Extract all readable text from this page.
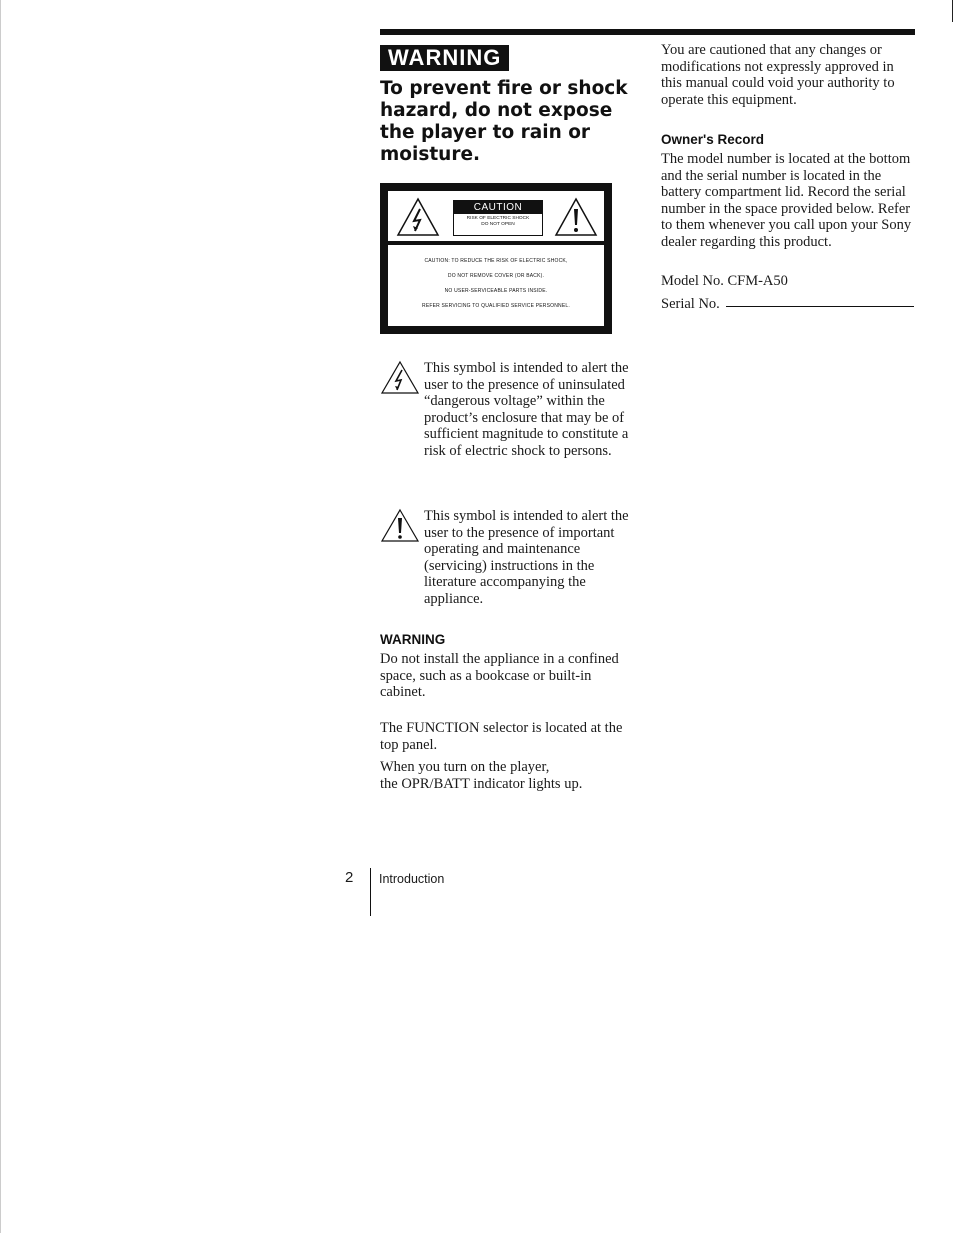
WARNING
To prevent fire or shock hazard, do not expose the player to rain or moisture.
CAUTION
RISK OF ELECTRIC SHOCK
DO NOT OPEN
CAUTION: TO REDUCE THE RISK OF ELECTRIC SHOCK,
DO NOT REMOVE COVER (OR BACK).
NO USER-SERVICEABLE PARTS INSIDE.
REFER SERVICING TO QUALIFIED SERVICE PERSONNEL.
This symbol is intended to alert the user to the presence of uninsulated “dangerous voltage” within the product’s enclosure that may be of sufficient magnitude to constitute a risk of electric shock to persons.
This symbol is intended to alert the user to the presence of important operating and maintenance (servicing) instructions in the literature accompanying the appliance.
WARNING
Do not install the appliance in a confined space, such as a bookcase or built-in cabinet.
The FUNCTION selector is located at the top panel.
When you turn on the player,
the OPR/BATT indicator lights up.
You are cautioned that any changes or modifications not expressly approved in this manual could void your authority to operate this equipment.
Owner's Record
The model number is located at the bottom and the serial number is located in the battery compartment lid. Record the serial number in the space provided below. Refer to them whenever you call upon your Sony dealer regarding this product.
Model No. CFM-A50
Serial No.
2 Introduction
